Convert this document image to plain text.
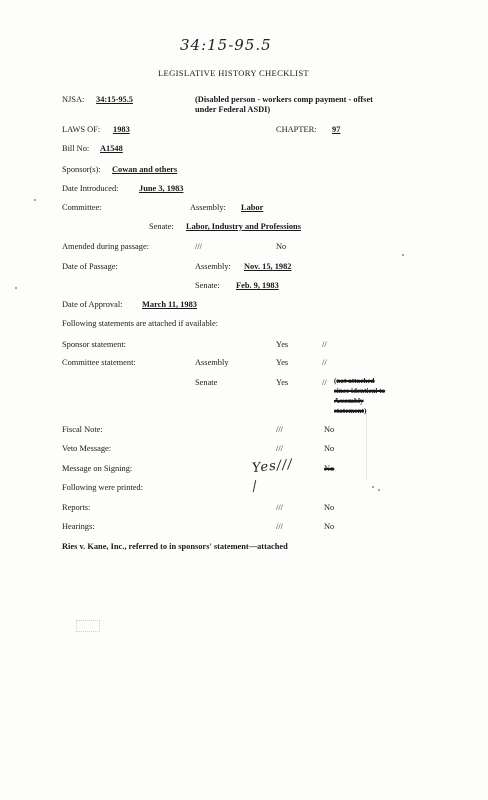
34:15-95.5
LEGISLATIVE HISTORY CHECKLIST
NJSA: 34:15-95.5	(Disabled person - workers comp payment - offset
under Federal ASDI)
LAWS OF: 1983	CHAPTER: 97
Bill No: A1548
Sponsor(s): Cowan and others
Date Introduced: June 3, 1983
Committee:	Assembly: Labor
Senate: Labor, Industry and Professions
Amended during passage:	///	No
Date of Passage:	Assembly: Nov. 15, 1982
Senate: Feb. 9, 1983
Date of Approval: March 11, 1983
Following statements are attached if available:
Sponsor statement:	Yes	//
Committee statement:	Assembly	Yes	//
Senate	Yes	// (not attached
since identical to
Assembly
statement)
Fiscal Note:	///	No
Veto Message:	///	No
Message on Signing:	Yes///	No
Following were printed:
Reports:	///	No
Hearings:	///	No
Ries v. Kane, Inc., referred to in sponsors' statement—attached
